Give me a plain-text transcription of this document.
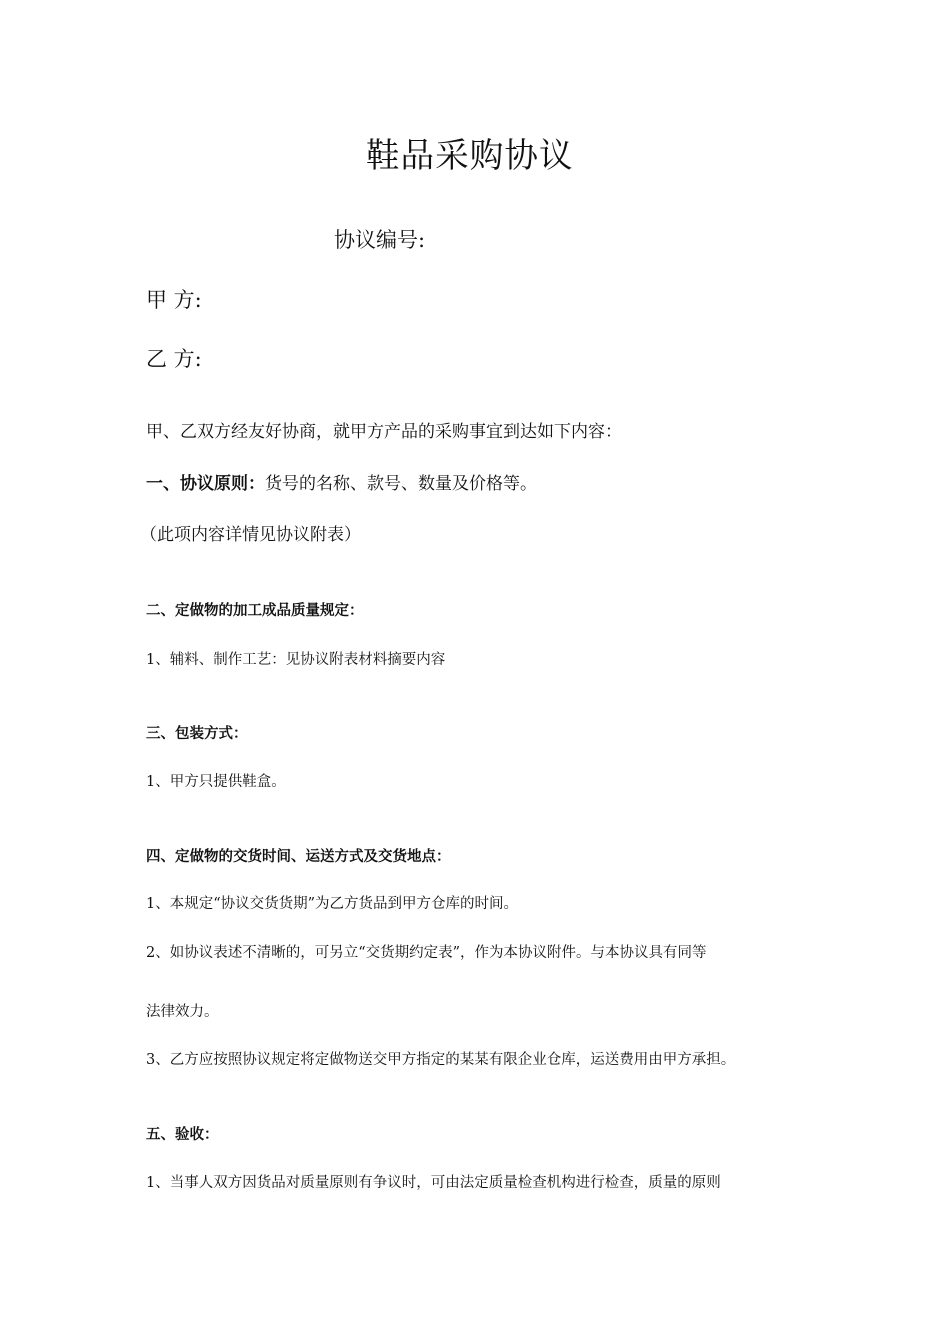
鞋品采购协议
协议编号:
甲 方:
乙 方:
甲、乙双方经友好协商，就甲方产品的采购事宜到达如下内容：
一、协议原则：货号的名称、款号、数量及价格等。
（此项内容详情见协议附表）
二、定做物的加工成品质量规定：
1、辅料、制作工艺：见协议附表材料摘要内容
三、包装方式：
1、甲方只提供鞋盒。
四、定做物的交货时间、运送方式及交货地点：
1、本规定“协议交货货期”为乙方货品到甲方仓库的时间。
2、如协议表述不清晰的，可另立“交货期约定表”，作为本协议附件。与本协议具有同等
法律效力。
3、乙方应按照协议规定将定做物送交甲方指定的某某有限企业仓库，运送费用由甲方承担。
五、验收：
1、当事人双方因货品对质量原则有争议时，可由法定质量检查机构进行检查，质量的原则
